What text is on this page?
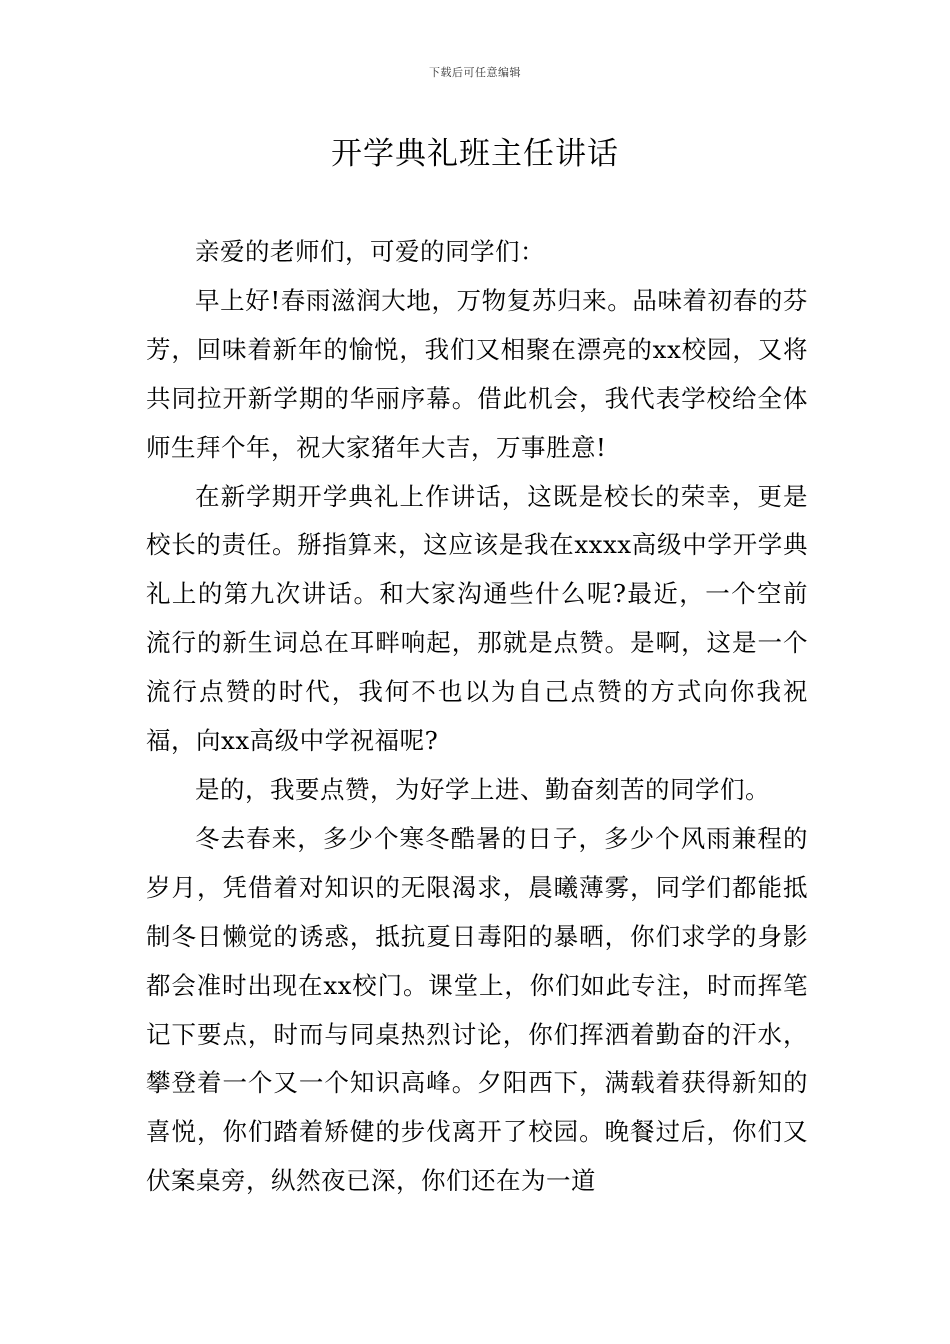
下载后可任意编辑
开学典礼班主任讲话

亲爱的老师们，可爱的同学们：

早上好!春雨滋润大地，万物复苏归来。品味着初春的芬芳，回味着新年的愉悦，我们又相聚在漂亮的xx校园，又将共同拉开新学期的华丽序幕。借此机会，我代表学校给全体师生拜个年，祝大家猪年大吉，万事胜意!

在新学期开学典礼上作讲话，这既是校长的荣幸，更是校长的责任。掰指算来，这应该是我在xxxx高级中学开学典礼上的第九次讲话。和大家沟通些什么呢?最近，一个空前流行的新生词总在耳畔响起，那就是点赞。是啊，这是一个流行点赞的时代，我何不也以为自己点赞的方式向你我祝福，向xx高级中学祝福呢?

是的，我要点赞，为好学上进、勤奋刻苦的同学们。

冬去春来，多少个寒冬酷暑的日子，多少个风雨兼程的岁月，凭借着对知识的无限渴求，晨曦薄雾，同学们都能抵制冬日懒觉的诱惑，抵抗夏日毒阳的暴晒，你们求学的身影都会准时出现在xx校门。课堂上，你们如此专注，时而挥笔记下要点，时而与同桌热烈讨论，你们挥洒着勤奋的汗水，攀登着一个又一个知识高峰。夕阳西下，满载着获得新知的喜悦，你们踏着矫健的步伐离开了校园。晚餐过后，你们又伏案桌旁，纵然夜已深，你们还在为一道
